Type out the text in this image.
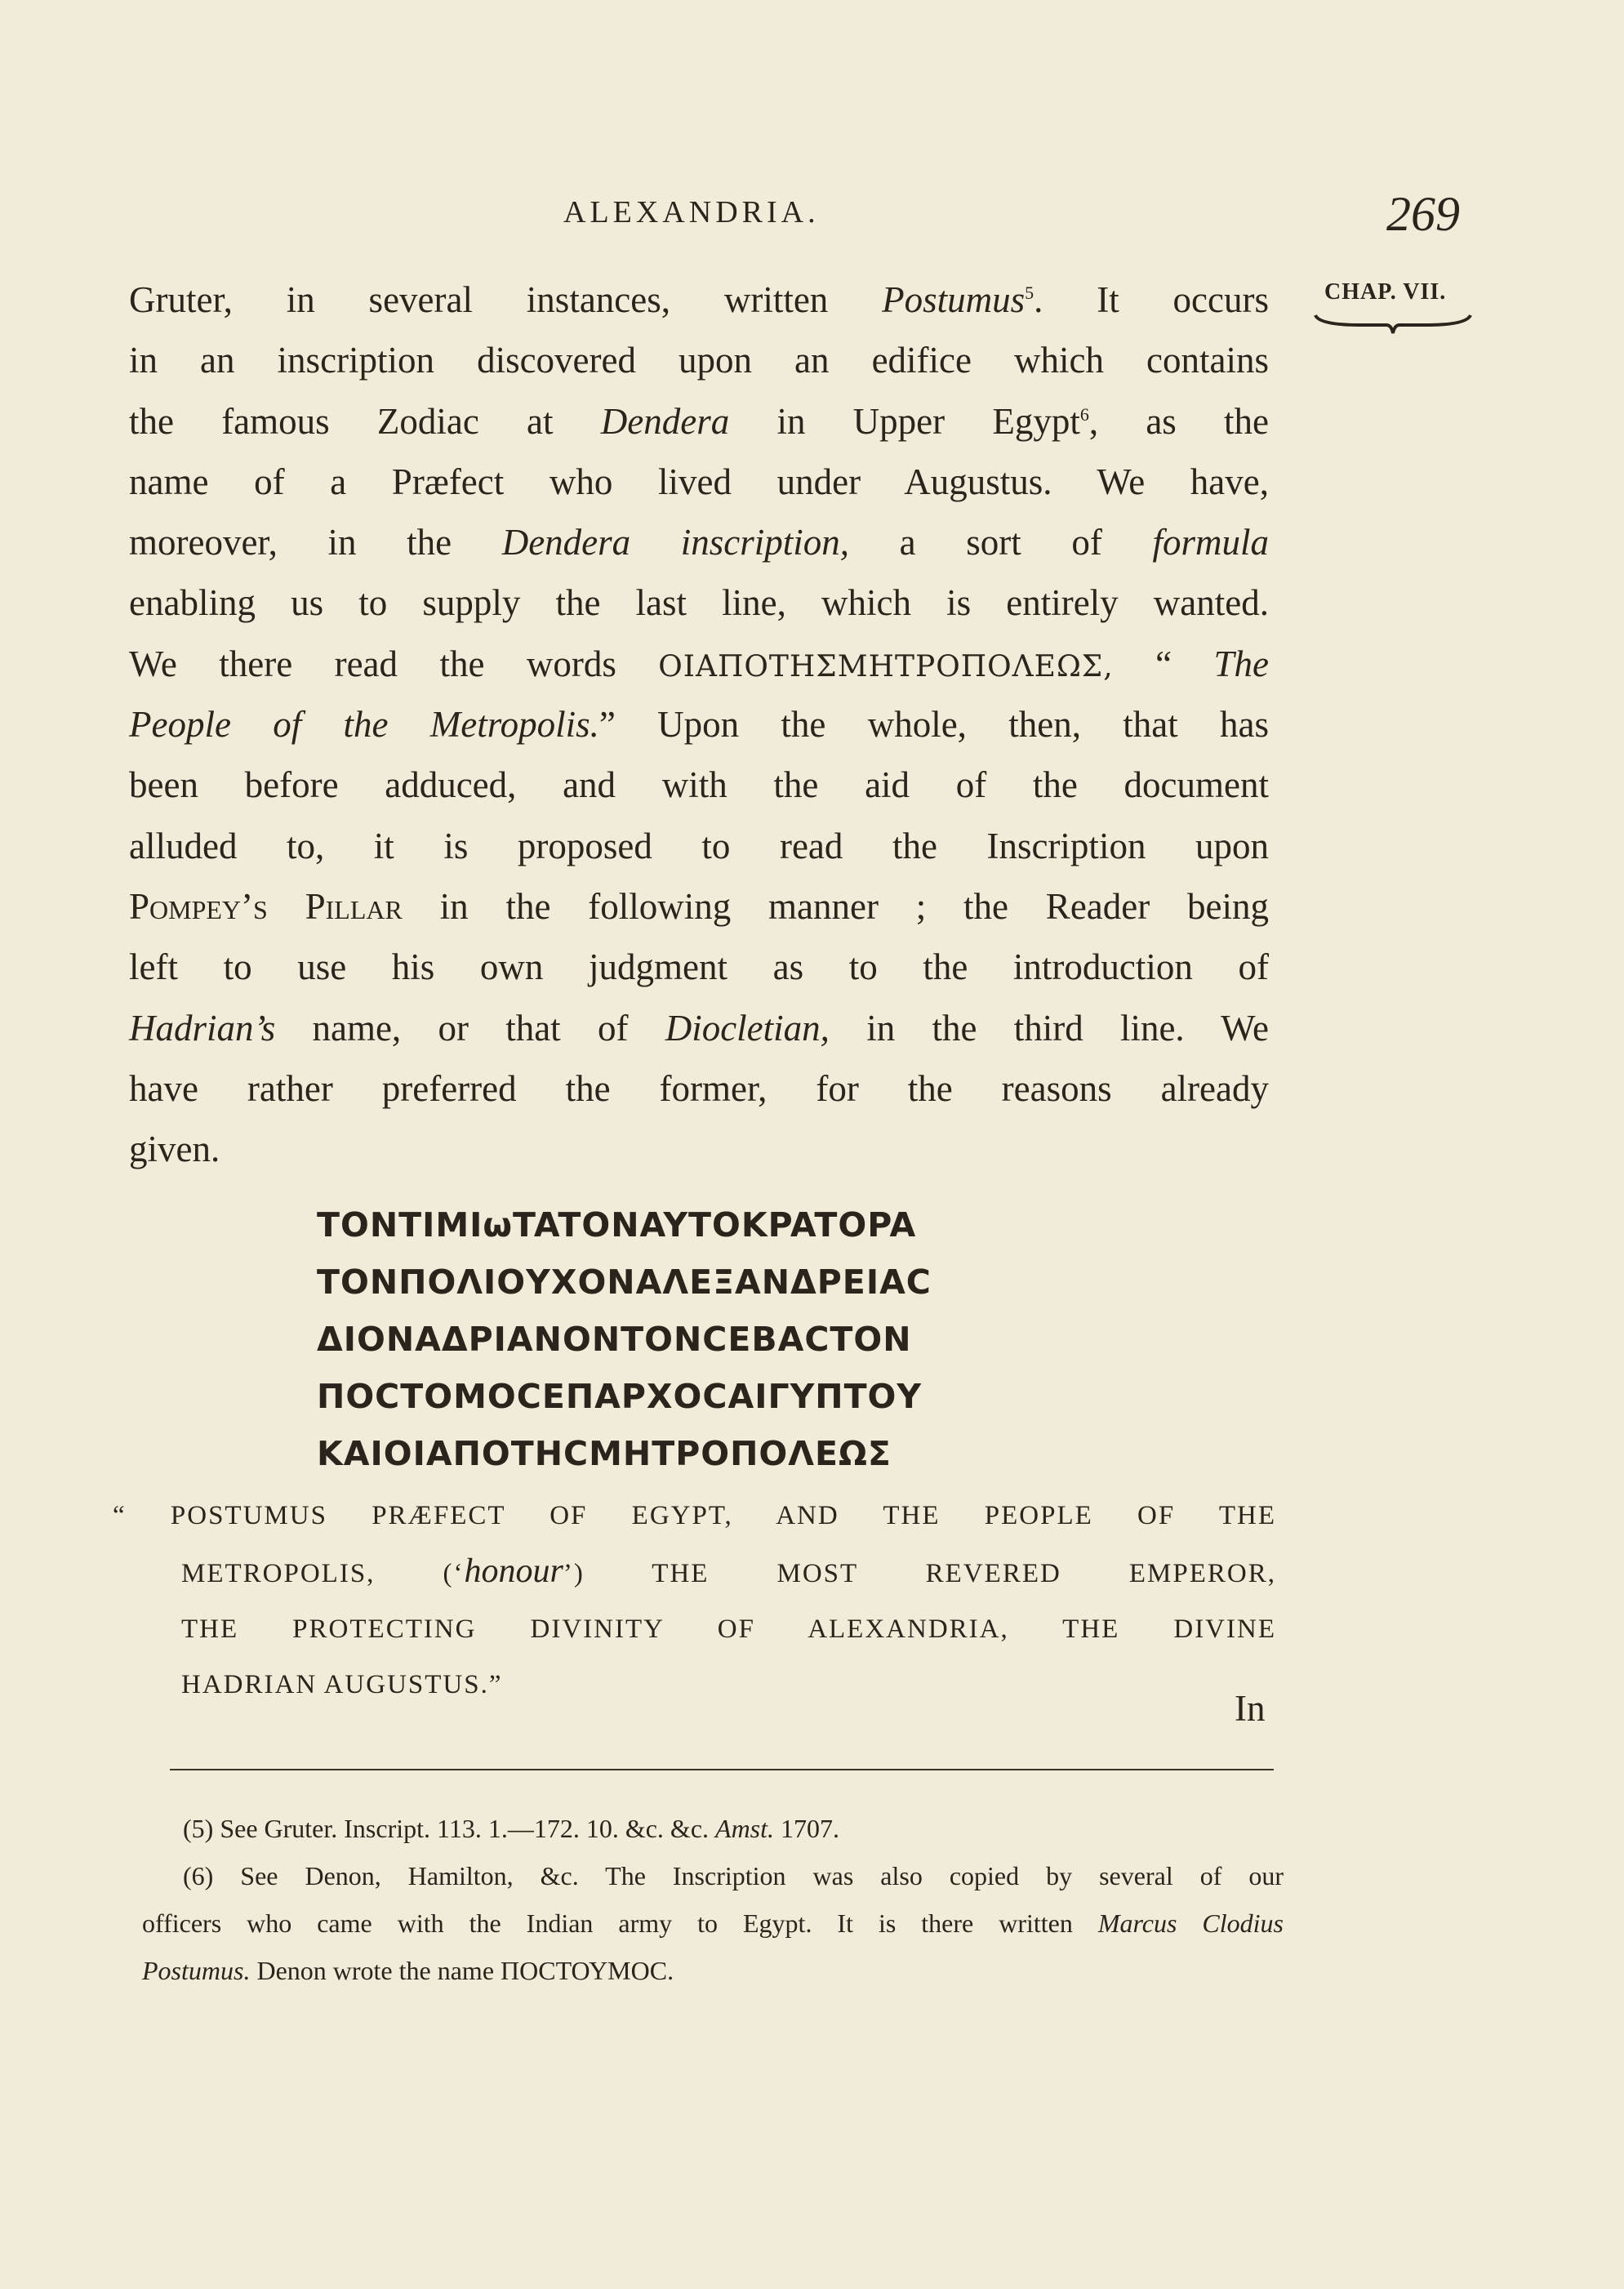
ALEXANDRIA.	269
CHAP. VII.
Gruter, in several instances, written Postumus$^5$. It occurs
in an inscription discovered upon an edifice which contains
the famous Zodiac at Dendera in Upper Egypt$^6$, as the
name of a Præfect who lived under Augustus. We have,
moreover, in the Dendera inscription, a sort of formula
enabling us to supply the last line, which is entirely wanted.
We there read the words ΟΙΑΠΟΤΗΣΜΗΤΡΟΠΟΛΕΩΣ, “ The
People of the Metropolis.” Upon the whole, then, that has
been before adduced, and with the aid of the document
alluded to, it is proposed to read the Inscription upon
Pompey’s Pillar in the following manner ; the Reader being
left to use his own judgment as to the introduction of
Hadrian’s name, or that of Diocletian, in the third line. We
have rather preferred the former, for the reasons already
given.
TONTIMIωTATONAYTOKPATOPA
TONΠΟΛΙΟΥΧΟΝΑΛΕΞΑΝΔΡΕΙΑC
ΔΙΟΝΑΔΡΙΑΝΟΝΤΟΝCΕΒΑCΤΟΝ
ΠΟCΤΟΜΟCΕΠΑΡΧΟCΑΙΓΥΠΤΟΥ
ΚΑΙΟΙΑΠΟΤΗCΜΗΤΡΟΠΟΛΕΩΣ
“ POSTUMUS PRÆFECT OF EGYPT, AND THE PEOPLE OF THE
METROPOLIS, (‘honour’) THE MOST REVERED EMPEROR,
THE PROTECTING DIVINITY OF ALEXANDRIA, THE DIVINE
HADRIAN AUGUSTUS.”
In
(5) See Gruter. Inscript. 113. 1.—172. 10. &c. &c. Amst. 1707.
(6) See Denon, Hamilton, &c. The Inscription was also copied by several of our
officers who came with the Indian army to Egypt. It is there written Marcus Clodius
Postumus. Denon wrote the name ΠΟCΤΟΥΜΟC.
